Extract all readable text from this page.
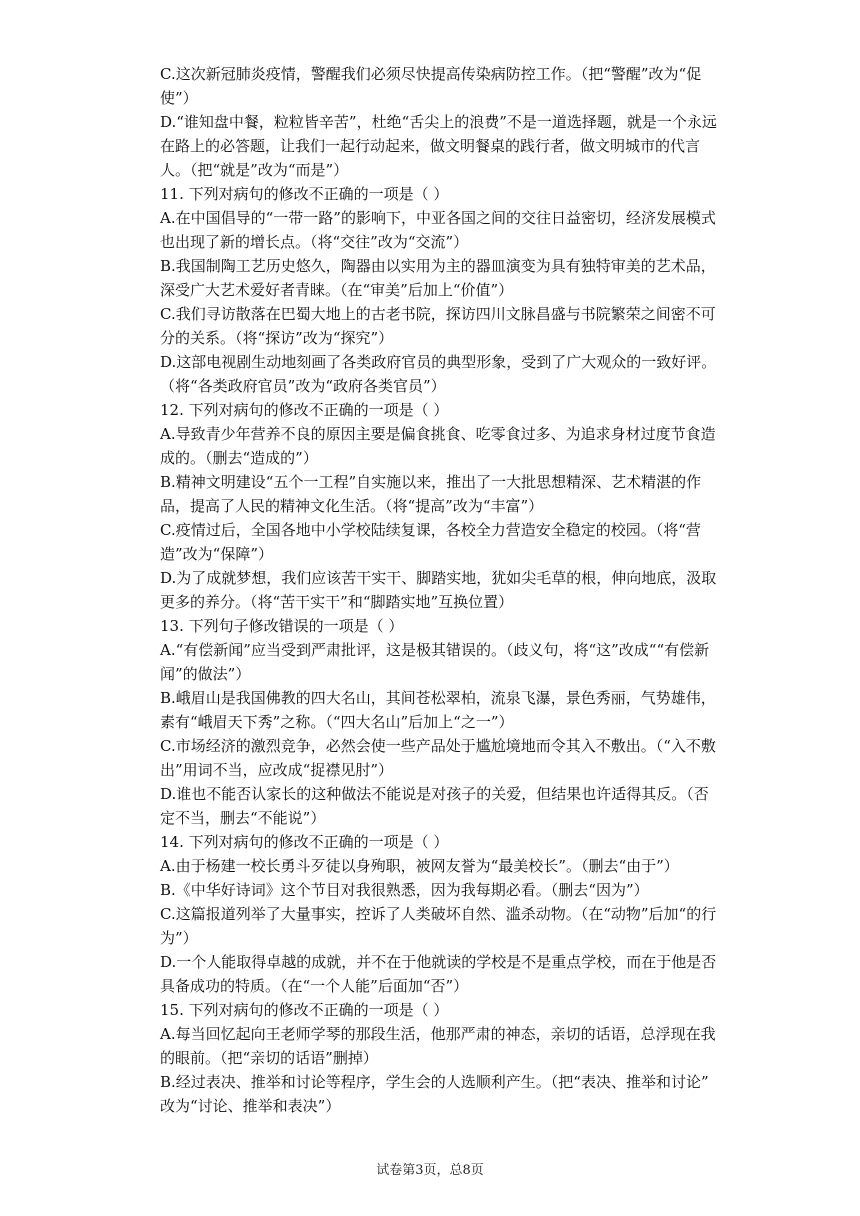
C.这次新冠肺炎疫情，警醒我们必须尽快提高传染病防控工作。（把“警醒”改为“促

使”）

D.“谁知盘中餐，粒粒皆辛苦”，杜绝“舌尖上的浪费”不是一道选择题，就是一个永远

在路上的必答题，让我们一起行动起来，做文明餐桌的践行者，做文明城市的代言

人。（把“就是”改为“而是”）

11. 下列对病句的修改不正确的一项是（ ）

A.在中国倡导的“一带一路”的影响下，中亚各国之间的交往日益密切，经济发展模式

也出现了新的增长点。（将“交往”改为“交流”）

B.我国制陶工艺历史悠久，陶器由以实用为主的器皿演变为具有独特审美的艺术品，

深受广大艺术爱好者青睐。（在“审美”后加上“价值”）

C.我们寻访散落在巴蜀大地上的古老书院，探访四川文脉昌盛与书院繁荣之间密不可

分的关系。（将“探访”改为“探究”）

D.这部电视剧生动地刻画了各类政府官员的典型形象，受到了广大观众的一致好评。

（将“各类政府官员”改为“政府各类官员”）

12. 下列对病句的修改不正确的一项是（ ）

A.导致青少年营养不良的原因主要是偏食挑食、吃零食过多、为追求身材过度节食造

成的。（删去“造成的”）

B.精神文明建设“五个一工程”自实施以来，推出了一大批思想精深、艺术精湛的作

品，提高了人民的精神文化生活。（将“提高”改为“丰富”）

C.疫情过后，全国各地中小学校陆续复课，各校全力营造安全稳定的校园。（将“营

造”改为“保障”）

D.为了成就梦想，我们应该苦干实干、脚踏实地，犹如尖毛草的根，伸向地底，汲取

更多的养分。（将“苦干实干”和“脚踏实地”互换位置）

13. 下列句子修改错误的一项是（ ）

A.“有偿新闻”应当受到严肃批评，这是极其错误的。（歧义句，将“这”改成““有偿新

闻”的做法”）

B.峨眉山是我国佛教的四大名山，其间苍松翠柏，流泉飞瀑，景色秀丽，气势雄伟，

素有“峨眉天下秀”之称。（“四大名山”后加上“之一”）

C.市场经济的激烈竞争，必然会使一些产品处于尴尬境地而令其入不敷出。（“入不敷

出”用词不当，应改成“捉襟见肘”）

D.谁也不能否认家长的这种做法不能说是对孩子的关爱，但结果也许适得其反。（否

定不当，删去“不能说”）

14. 下列对病句的修改不正确的一项是（ ）

A.由于杨建一校长勇斗歹徒以身殉职，被网友誉为“最美校长”。（删去“由于”）

B.《中华好诗词》这个节目对我很熟悉，因为我每期必看。（删去“因为”）

C.这篇报道列举了大量事实，控诉了人类破坏自然、滥杀动物。（在“动物”后加“的行

为”）

D.一个人能取得卓越的成就，并不在于他就读的学校是不是重点学校，而在于他是否

具备成功的特质。（在“一个人能”后面加“否”）

15. 下列对病句的修改不正确的一项是（ ）

A.每当回忆起向王老师学琴的那段生活，他那严肃的神态，亲切的话语，总浮现在我

的眼前。（把“亲切的话语”删掉）

B.经过表决、推举和讨论等程序，学生会的人选顺利产生。（把“表决、推举和讨论”

改为“讨论、推举和表决”）

试卷第3页，总8页
